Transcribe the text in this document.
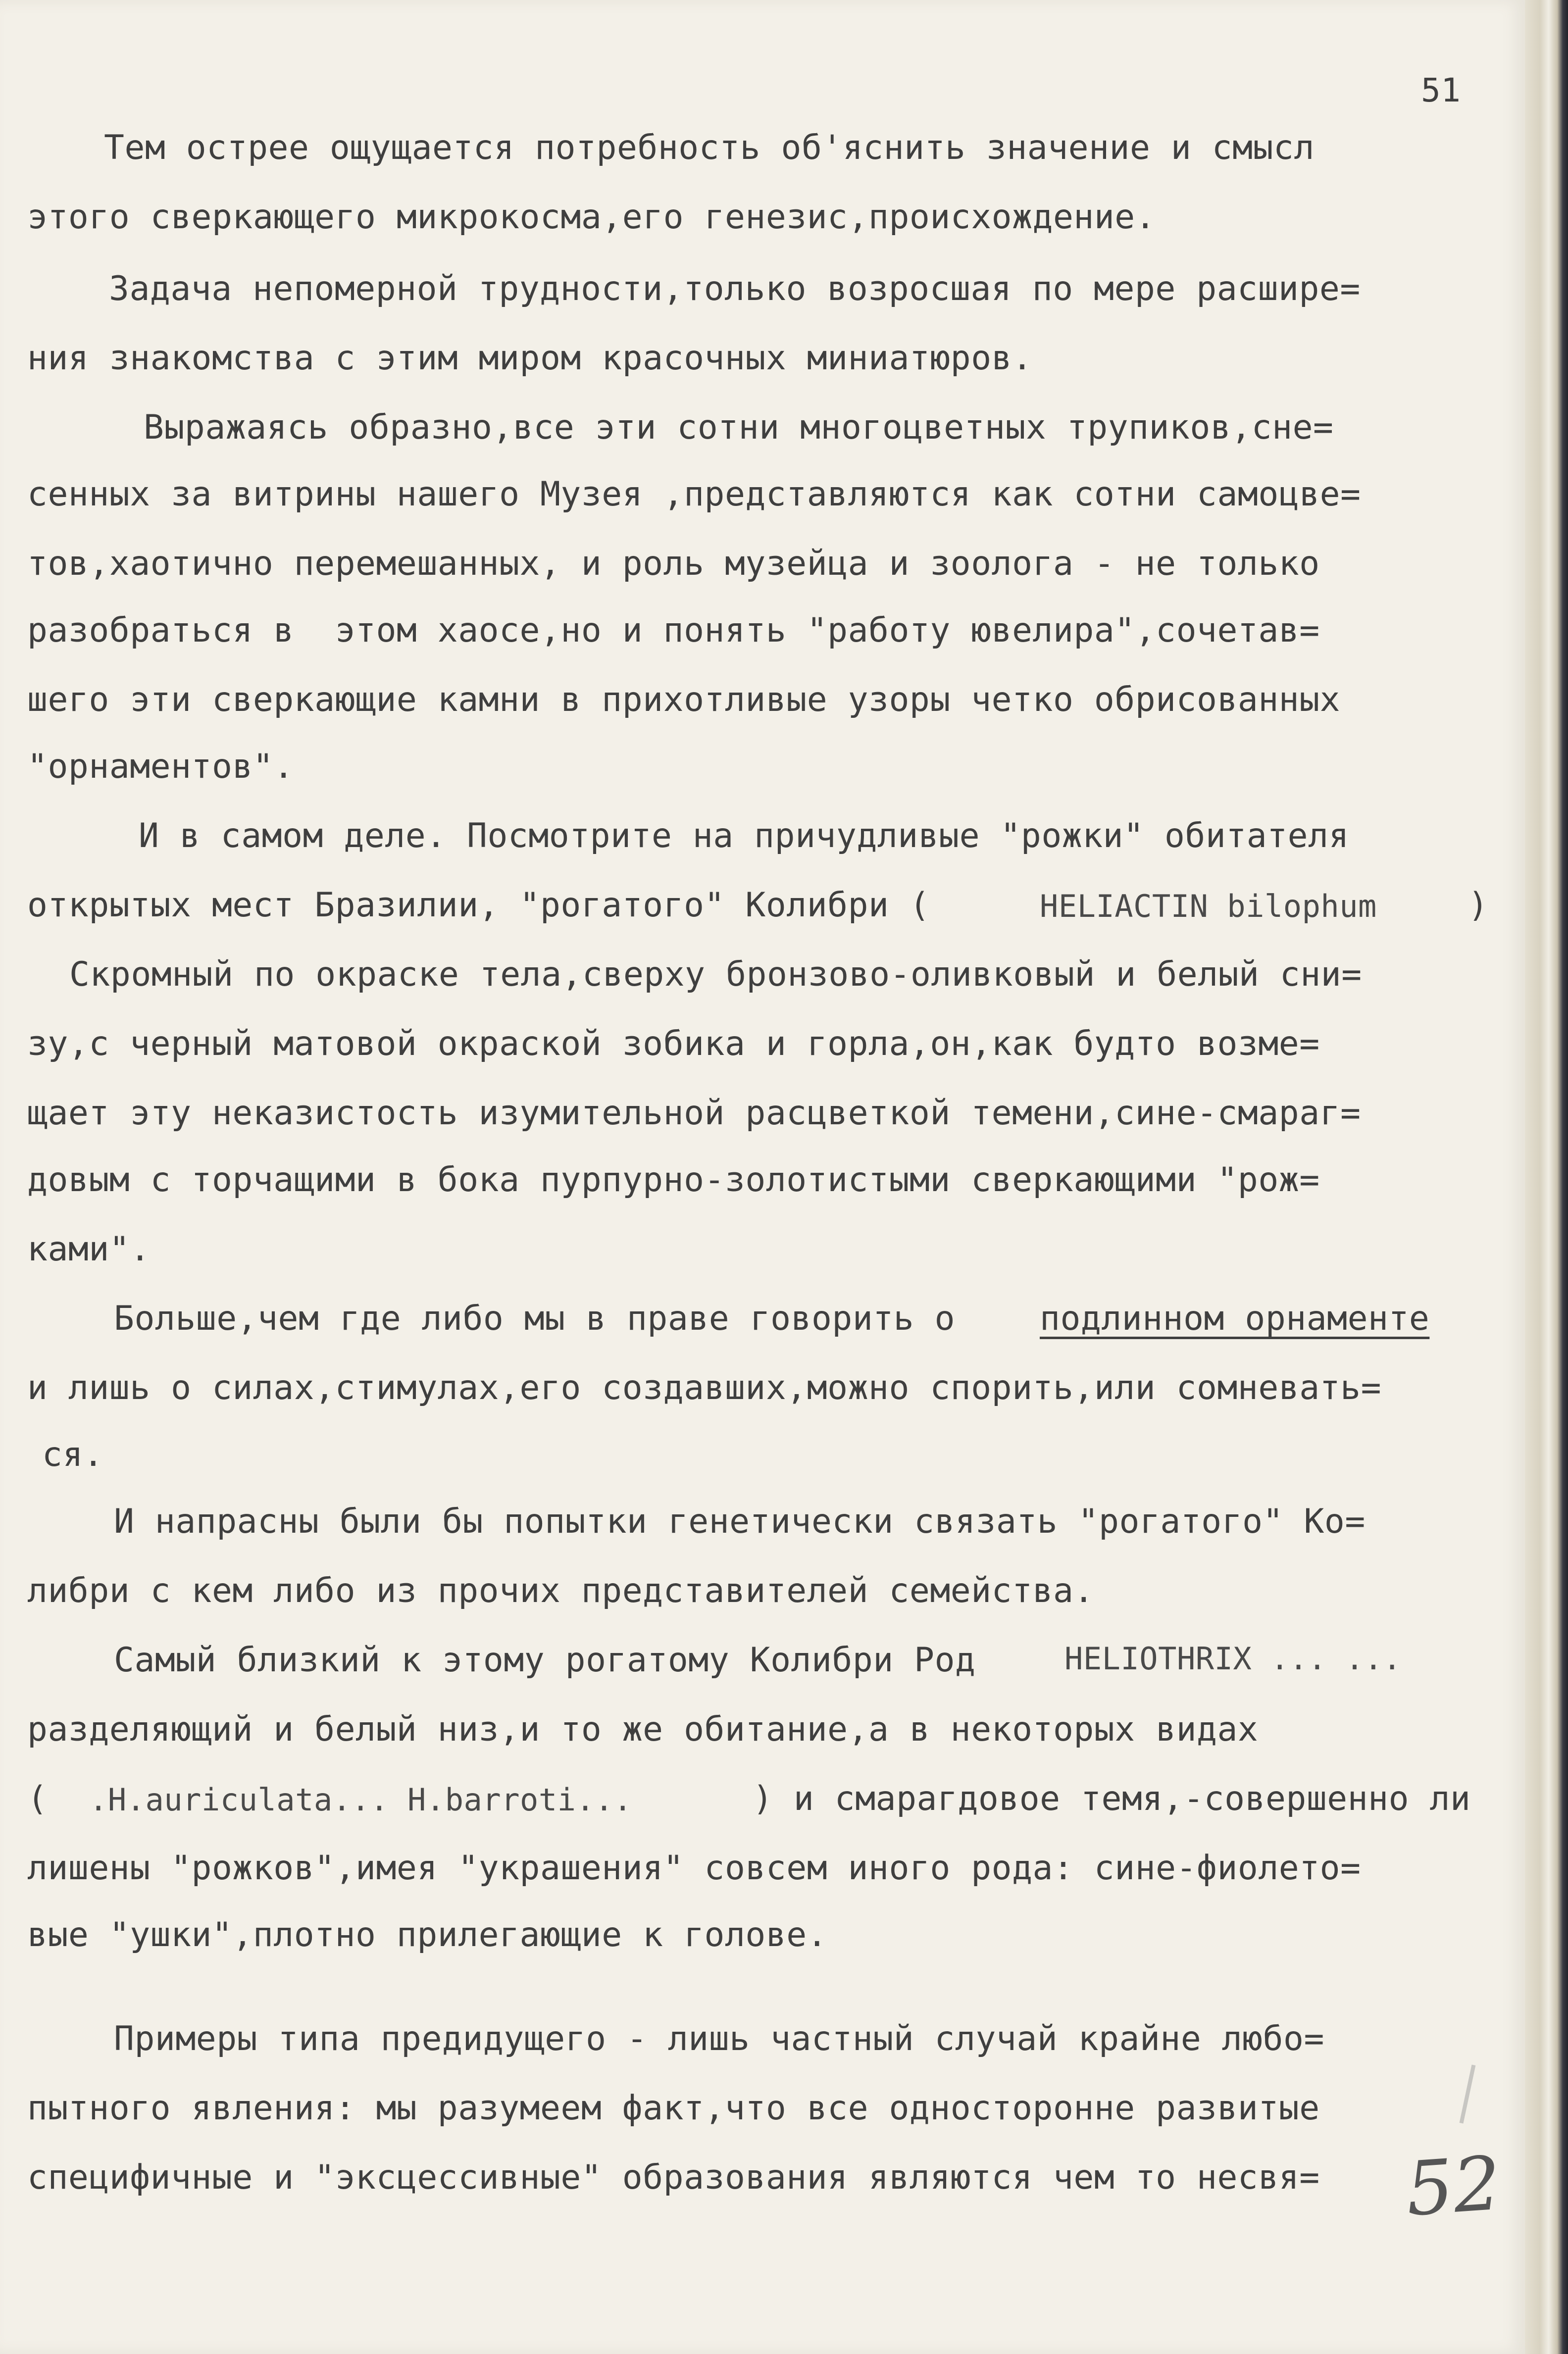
51
Тем острее ощущается потребность об'яснить значение и смысл
этого сверкающего микрокосма,его генезис,происхождение.
Задача непомерной трудности,только возросшая по мере расшире=
ния знакомства с этим миром красочных миниатюров.
Выражаясь образно,все эти сотни многоцветных трупиков,сне=
сенных за витрины нашего Музея ,представляются как сотни самоцве=
тов,хаотично перемешанных, и роль музейца и зоолога - не только
разобраться в  этом хаосе,но и понять "работу ювелира",сочетав=
шего эти сверкающие камни в прихотливые узоры четко обрисованных
"орнаментов".
И в самом деле. Посмотрите на причудливые "рожки" обитателя
открытых мест Бразилии, "рогатого" Колибри (	HELIACTIN bilophum	)
Скромный по окраске тела,сверху бронзово-оливковый и белый сни=
зу,с черный матовой окраской зобика и горла,он,как будто возме=
щает эту неказистость изумительной расцветкой темени,сине-смараг=
довым с торчащими в бока пурпурно-золотистыми сверкающими "рож=
ками".
Больше,чем где либо мы в праве говорить о	подлинном орнаменте
и лишь о силах,стимулах,его создавших,можно спорить,или сомневать=
ся.
И напрасны были бы попытки генетически связать "рогатого" Ко=
либри с кем либо из прочих представителей семейства.
Самый близкий к этому рогатому Колибри Род	HELIOTHRIX ... ...
разделяющий и белый низ,и то же обитание,а в некоторых видах
( .H.auriculata... H.barroti...	) и смарагдовое темя,-совершенно ли
лишены "рожков",имея "украшения" совсем иного рода: сине-фиолето=
вые "ушки",плотно прилегающие к голове.
Примеры типа предидущего - лишь частный случай крайне любо=
пытного явления: мы разумеем факт,что все односторонне развитые
специфичные и "эксцессивные" образования являются чем то несвя= 52
